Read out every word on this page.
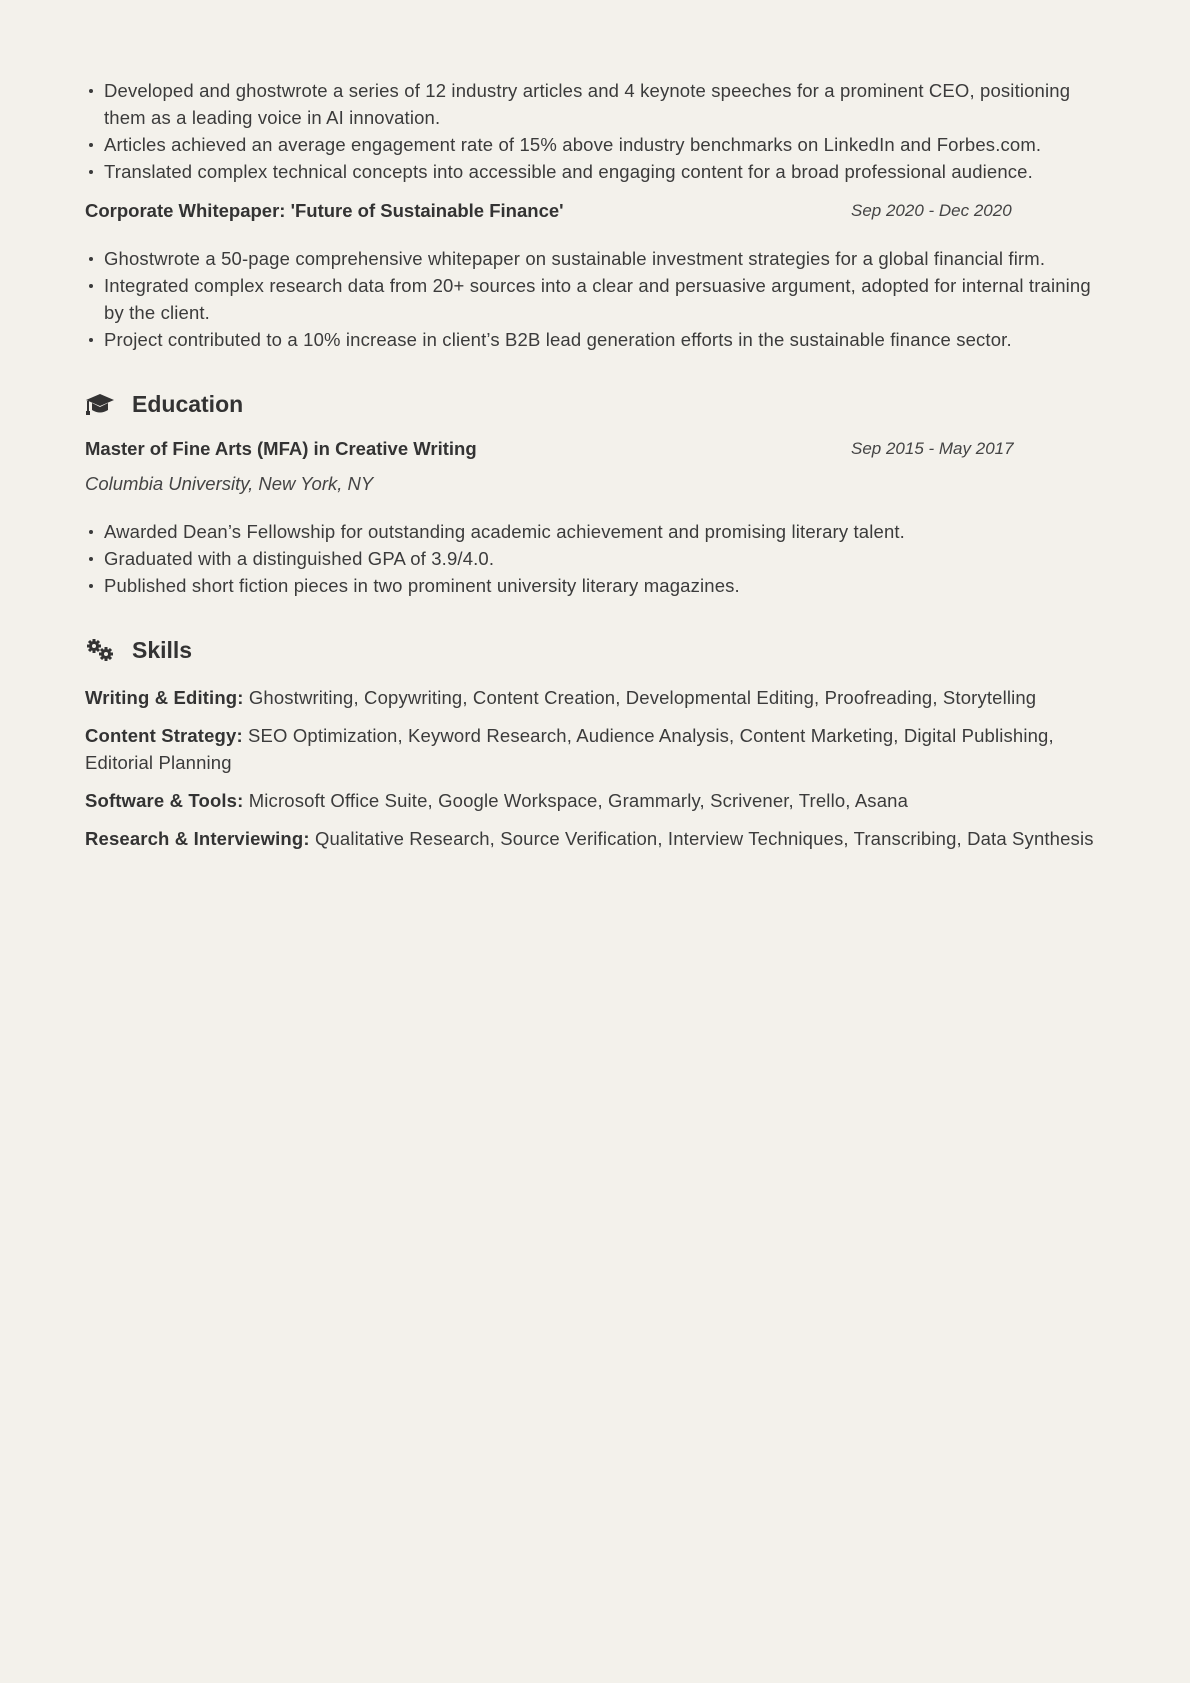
Developed and ghostwrote a series of 12 industry articles and 4 keynote speeches for a prominent CEO, positioning them as a leading voice in AI innovation.
Articles achieved an average engagement rate of 15% above industry benchmarks on LinkedIn and Forbes.com.
Translated complex technical concepts into accessible and engaging content for a broad professional audience.
Corporate Whitepaper: 'Future of Sustainable Finance'	Sep 2020 - Dec 2020
Ghostwrote a 50-page comprehensive whitepaper on sustainable investment strategies for a global financial firm.
Integrated complex research data from 20+ sources into a clear and persuasive argument, adopted for internal training by the client.
Project contributed to a 10% increase in client’s B2B lead generation efforts in the sustainable finance sector.
Education
Master of Fine Arts (MFA) in Creative Writing	Sep 2015 - May 2017
Columbia University, New York, NY
Awarded Dean’s Fellowship for outstanding academic achievement and promising literary talent.
Graduated with a distinguished GPA of 3.9/4.0.
Published short fiction pieces in two prominent university literary magazines.
Skills
Writing & Editing: Ghostwriting, Copywriting, Content Creation, Developmental Editing, Proofreading, Storytelling
Content Strategy: SEO Optimization, Keyword Research, Audience Analysis, Content Marketing, Digital Publishing, Editorial Planning
Software & Tools: Microsoft Office Suite, Google Workspace, Grammarly, Scrivener, Trello, Asana
Research & Interviewing: Qualitative Research, Source Verification, Interview Techniques, Transcribing, Data Synthesis
